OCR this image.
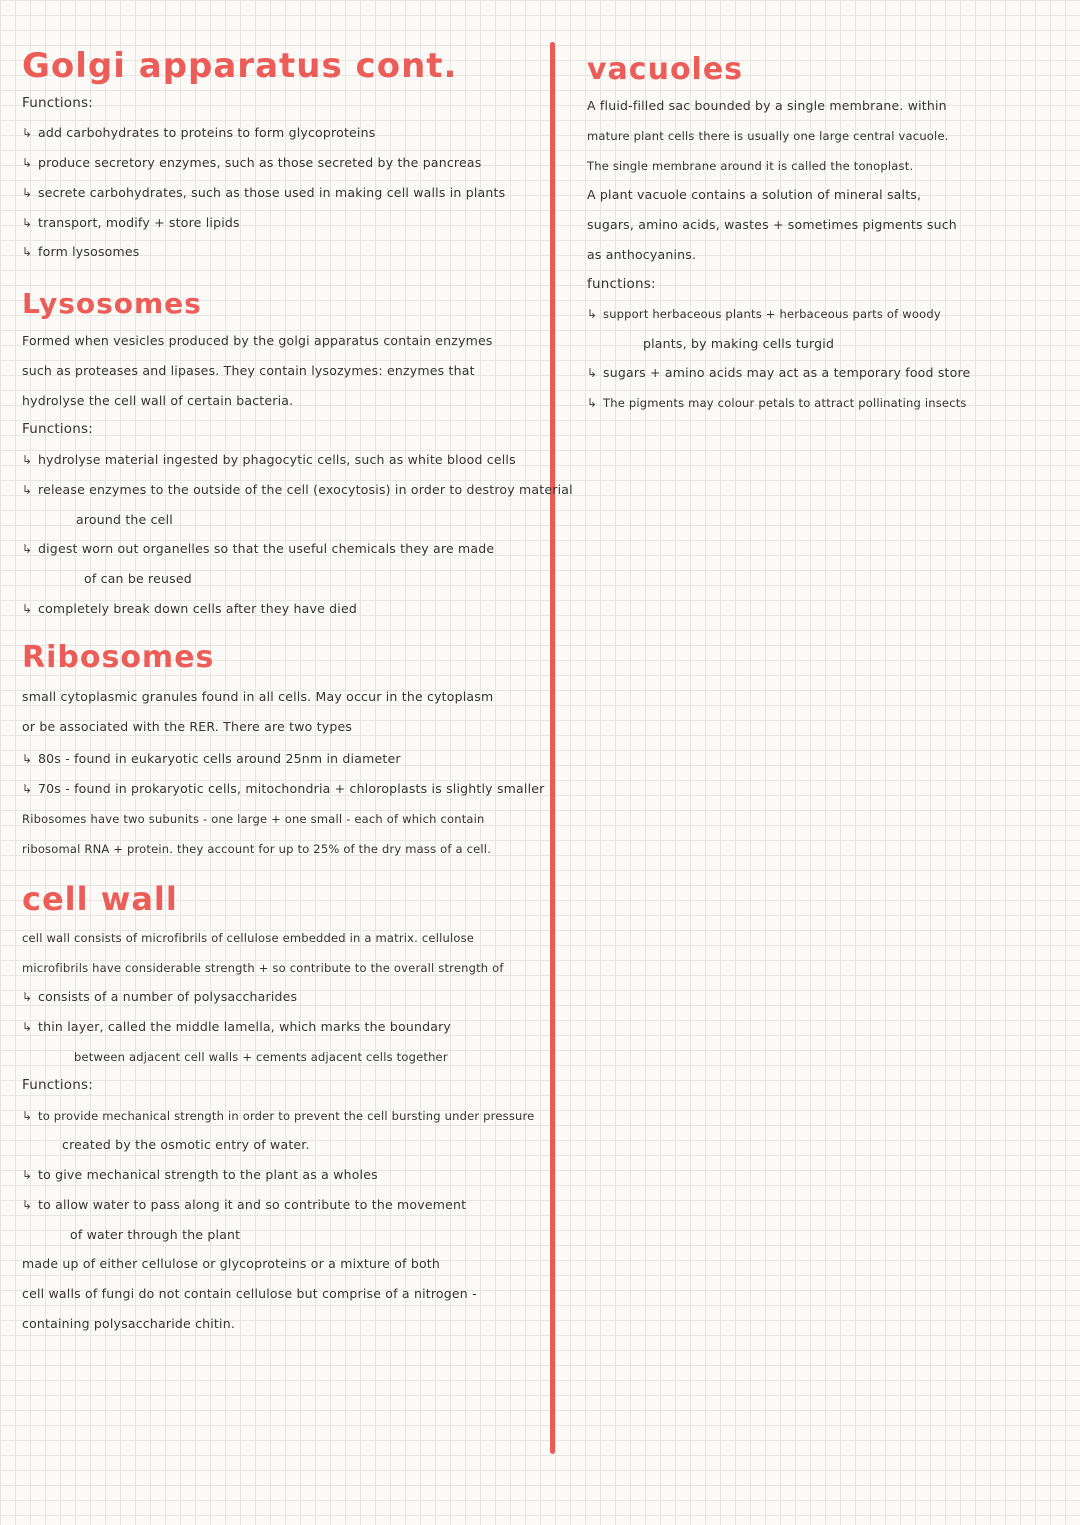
Golgi apparatus cont.
Functions:
↳ add carbohydrates to proteins to form glycoproteins
↳ produce secretory enzymes, such as those secreted by the pancreas
↳ secrete carbohydrates, such as those used in making cell walls in plants
↳ transport, modify + store lipids
↳ form lysosomes
Lysosomes
Formed when vesicles produced by the golgi apparatus contain enzymes
such as proteases and lipases. They contain lysozymes: enzymes that
hydrolyse the cell wall of certain bacteria.
Functions:
↳ hydrolyse material ingested by phagocytic cells, such as white blood cells
↳ release enzymes to the outside of the cell (exocytosis) in order to destroy material
around the cell
↳ digest worn out organelles so that the useful chemicals they are made
of can be reused
↳ completely break down cells after they have died
Ribosomes
small cytoplasmic granules found in all cells. May occur in the cytoplasm
or be associated with the RER. There are two types
↳ 80s - found in eukaryotic cells around 25nm in diameter
↳ 70s - found in prokaryotic cells, mitochondria + chloroplasts is slightly smaller
Ribosomes have two subunits - one large + one small - each of which contain
ribosomal RNA + protein. they account for up to 25% of the dry mass of a cell.
cell wall
cell wall consists of microfibrils of cellulose embedded in a matrix. cellulose
microfibrils have considerable strength + so contribute to the overall strength of
↳ consists of a number of polysaccharides
↳ thin layer, called the middle lamella, which marks the boundary
between adjacent cell walls + cements adjacent cells together
Functions:
↳ to provide mechanical strength in order to prevent the cell bursting under pressure
created by the osmotic entry of water.
↳ to give mechanical strength to the plant as a wholes
↳ to allow water to pass along it and so contribute to the movement
of water through the plant
made up of either cellulose or glycoproteins or a mixture of both
cell walls of fungi do not contain cellulose but comprise of a nitrogen -
containing polysaccharide chitin.
vacuoles
A fluid-filled sac bounded by a single membrane. within
mature plant cells there is usually one large central vacuole.
The single membrane around it is called the tonoplast.
A plant vacuole contains a solution of mineral salts,
sugars, amino acids, wastes + sometimes pigments such
as anthocyanins.
functions:
↳ support herbaceous plants + herbaceous parts of woody
plants, by making cells turgid
↳ sugars + amino acids may act as a temporary food store
↳ The pigments may colour petals to attract pollinating insects
